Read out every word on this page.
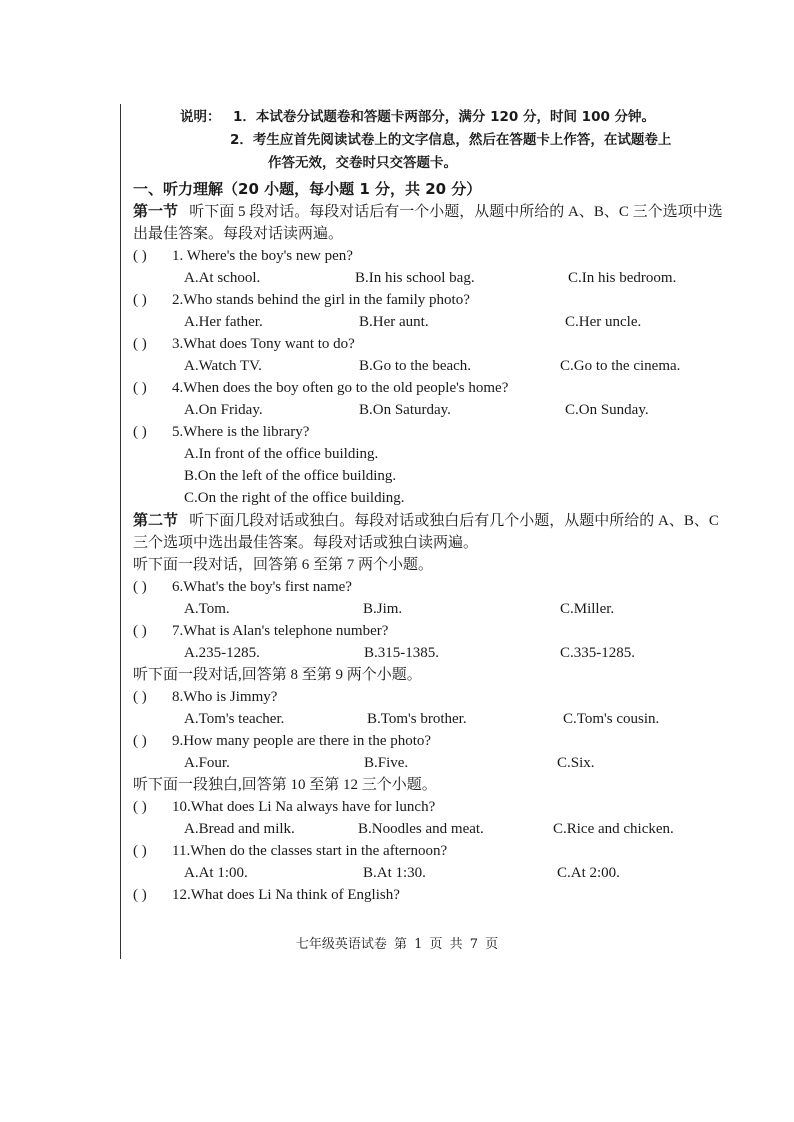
说明： 1．本试卷分试题卷和答题卡两部分，满分 120 分，时间 100 分钟。
2．考生应首先阅读试卷上的文字信息，然后在答题卡上作答，在试题卷上
作答无效，交卷时只交答题卡。
一、听力理解（20 小题，每小题 1 分，共 20 分）
第一节 听下面 5 段对话。每段对话后有一个小题，从题中所给的 A、B、C 三个选项中选出最佳答案。每段对话读两遍。
( ) 1. Where's the boy's new pen?
A.At school.	B.In his school bag.	C.In his bedroom.
( ) 2.Who stands behind the girl in the family photo?
A.Her father.	B.Her aunt.	C.Her uncle.
( ) 3.What does Tony want to do?
A.Watch TV.	B.Go to the beach.	C.Go to the cinema.
( ) 4.When does the boy often go to the old people's home?
A.On Friday.	B.On Saturday.	C.On Sunday.
( ) 5.Where is the library?
A.In front of the office building.
B.On the left of the office building.
C.On the right of the office building.
第二节 听下面几段对话或独白。每段对话或独白后有几个小题，从题中所给的 A、B、C 三个选项中选出最佳答案。每段对话或独白读两遍。
听下面一段对话，回答第 6 至第 7 两个小题。
( ) 6.What's the boy's first name?
A.Tom.	B.Jim.	C.Miller.
( ) 7.What is Alan's telephone number?
A.235-1285.	B.315-1385.	C.335-1285.
听下面一段对话,回答第 8 至第 9 两个小题。
( ) 8.Who is Jimmy?
A.Tom's teacher.	B.Tom's brother.	C.Tom's cousin.
( ) 9.How many people are there in the photo?
A.Four.	B.Five.	C.Six.
听下面一段独白,回答第 10 至第 12 三个小题。
( ) 10.What does Li Na always have for lunch?
A.Bread and milk.	B.Noodles and meat.	C.Rice and chicken.
( ) 11.When do the classes start in the afternoon?
A.At 1:00.	B.At 1:30.	C.At 2:00.
( ) 12.What does Li Na think of English?
七年级英语试卷 第 1 页 共 7 页
